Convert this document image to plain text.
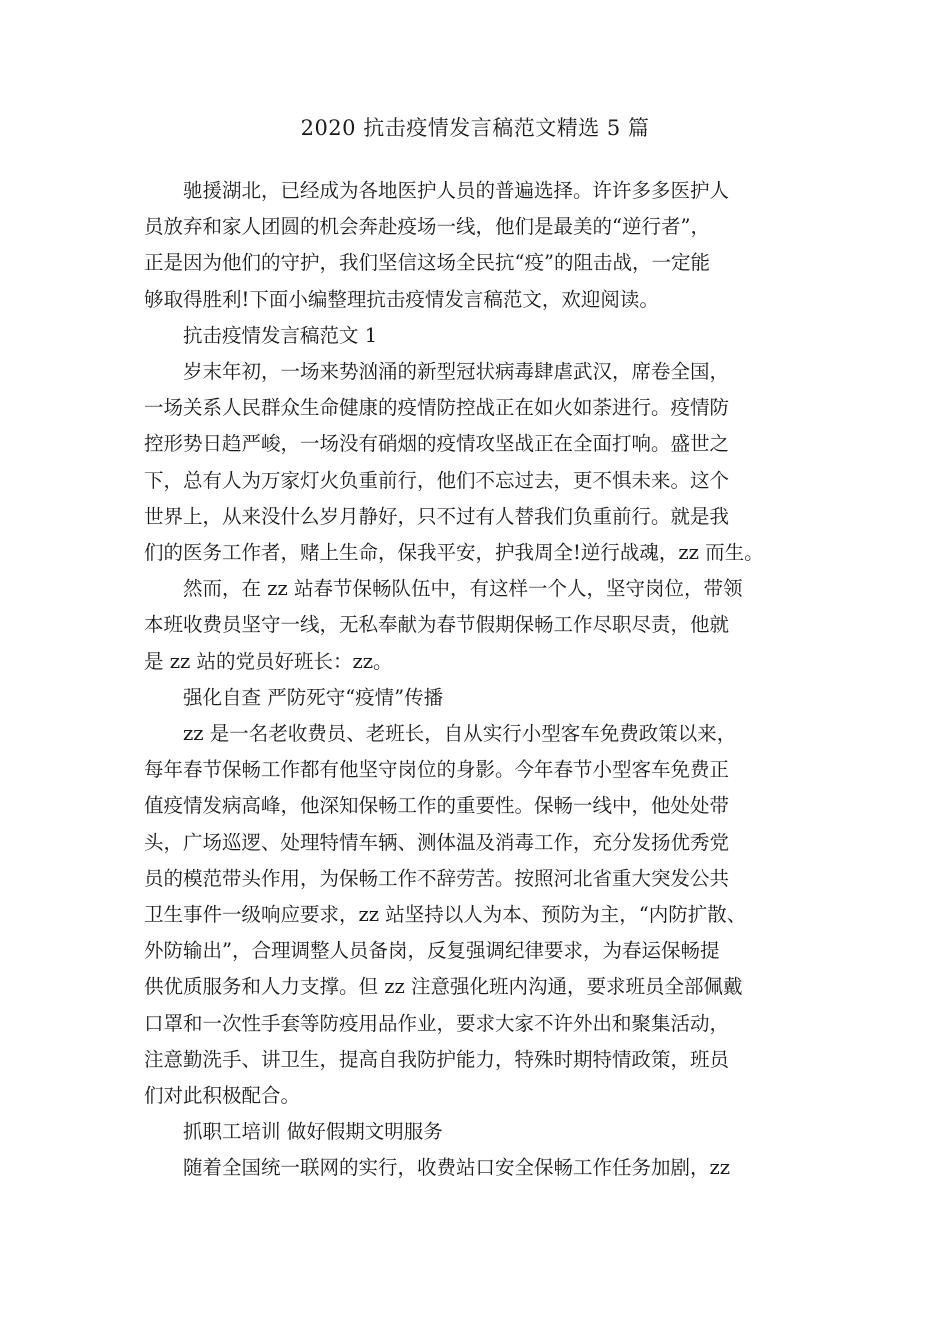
2020 抗击疫情发言稿范文精选 5 篇
驰援湖北，已经成为各地医护人员的普遍选择。许许多多医护人
员放弃和家人团圆的机会奔赴疫场一线，他们是最美的“逆行者”，
正是因为他们的守护，我们坚信这场全民抗“疫”的阻击战，一定能
够取得胜利!下面小编整理抗击疫情发言稿范文，欢迎阅读。
抗击疫情发言稿范文 1
岁末年初，一场来势汹涌的新型冠状病毒肆虐武汉，席卷全国，
一场关系人民群众生命健康的疫情防控战正在如火如荼进行。疫情防
控形势日趋严峻，一场没有硝烟的疫情攻坚战正在全面打响。盛世之
下，总有人为万家灯火负重前行，他们不忘过去，更不惧未来。这个
世界上，从来没什么岁月静好，只不过有人替我们负重前行。就是我
们的医务工作者，赌上生命，保我平安，护我周全!逆行战魂，zz 而生。
然而，在 zz 站春节保畅队伍中，有这样一个人，坚守岗位，带领
本班收费员坚守一线，无私奉献为春节假期保畅工作尽职尽责，他就
是 zz 站的党员好班长：zz。
强化自查 严防死守“疫情”传播
zz 是一名老收费员、老班长，自从实行小型客车免费政策以来，
每年春节保畅工作都有他坚守岗位的身影。今年春节小型客车免费正
值疫情发病高峰，他深知保畅工作的重要性。保畅一线中，他处处带
头，广场巡逻、处理特情车辆、测体温及消毒工作，充分发扬优秀党
员的模范带头作用，为保畅工作不辞劳苦。按照河北省重大突发公共
卫生事件一级响应要求，zz 站坚持以人为本、预防为主，“内防扩散、
外防输出”，合理调整人员备岗，反复强调纪律要求，为春运保畅提
供优质服务和人力支撑。但 zz 注意强化班内沟通，要求班员全部佩戴
口罩和一次性手套等防疫用品作业，要求大家不许外出和聚集活动，
注意勤洗手、讲卫生，提高自我防护能力，特殊时期特情政策，班员
们对此积极配合。
抓职工培训 做好假期文明服务
随着全国统一联网的实行，收费站口安全保畅工作任务加剧，zz
